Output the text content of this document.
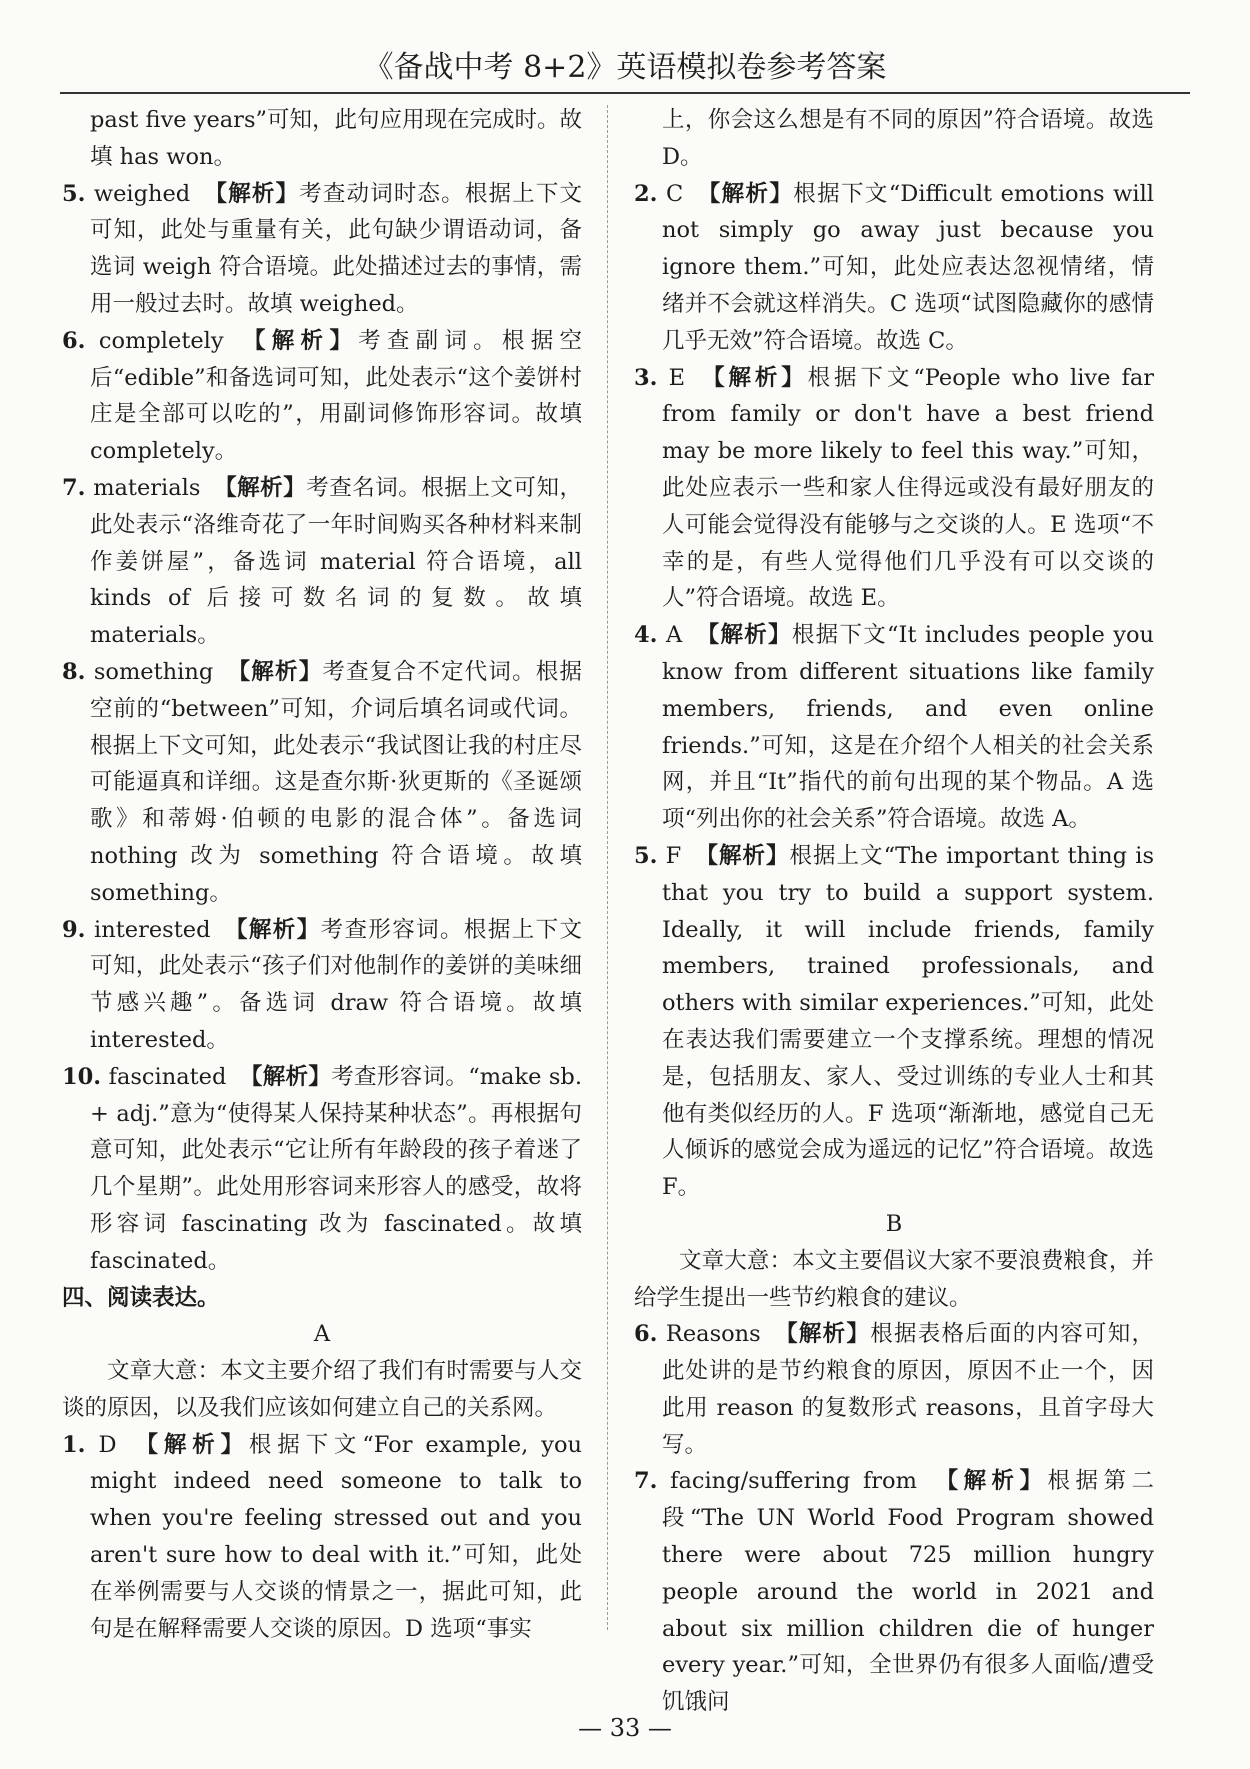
《备战中考 8+2》英语模拟卷参考答案

past five years”可知，此句应用现在完成时。故填 has won。

5. weighed 【解析】考查动词时态。根据上下文可知，此处与重量有关，此句缺少谓语动词，备选词 weigh 符合语境。此处描述过去的事情，需用一般过去时。故填 weighed。

6. completely 【解析】考查副词。根据空后“edible”和备选词可知，此处表示“这个姜饼村庄是全部可以吃的”，用副词修饰形容词。故填 completely。

7. materials 【解析】考查名词。根据上文可知，此处表示“洛维奇花了一年时间购买各种材料来制作姜饼屋”，备选词 material 符合语境，all kinds of 后接可数名词的复数。故填 materials。

8. something 【解析】考查复合不定代词。根据空前的“between”可知，介词后填名词或代词。根据上下文可知，此处表示“我试图让我的村庄尽可能逼真和详细。这是查尔斯·狄更斯的《圣诞颂歌》和蒂姆·伯顿的电影的混合体”。备选词 nothing 改为 something 符合语境。故填 something。

9. interested 【解析】考查形容词。根据上下文可知，此处表示“孩子们对他制作的姜饼的美味细节感兴趣”。备选词 draw 符合语境。故填 interested。

10. fascinated 【解析】考查形容词。“make sb. + adj.”意为“使得某人保持某种状态”。再根据句意可知，此处表示“它让所有年龄段的孩子着迷了几个星期”。此处用形容词来形容人的感受，故将形容词 fascinating 改为 fascinated。故填 fascinated。

四、阅读表达。

A

文章大意：本文主要介绍了我们有时需要与人交谈的原因，以及我们应该如何建立自己的关系网。

1. D 【解析】根据下文“For example, you might indeed need someone to talk to when you're feeling stressed out and you aren't sure how to deal with it.”可知，此处在举例需要与人交谈的情景之一，据此可知，此句是在解释需要人交谈的原因。D 选项“事实

上，你会这么想是有不同的原因”符合语境。故选 D。

2. C 【解析】根据下文“Difficult emotions will not simply go away just because you ignore them.”可知，此处应表达忽视情绪，情绪并不会就这样消失。C 选项“试图隐藏你的感情几乎无效”符合语境。故选 C。

3. E 【解析】根据下文“People who live far from family or don't have a best friend may be more likely to feel this way.”可知，此处应表示一些和家人住得远或没有最好朋友的人可能会觉得没有能够与之交谈的人。E 选项“不幸的是，有些人觉得他们几乎没有可以交谈的人”符合语境。故选 E。

4. A 【解析】根据下文“It includes people you know from different situations like family members, friends, and even online friends.”可知，这是在介绍个人相关的社会关系网，并且“It”指代的前句出现的某个物品。A 选项“列出你的社会关系”符合语境。故选 A。

5. F 【解析】根据上文“The important thing is that you try to build a support system. Ideally, it will include friends, family members, trained professionals, and others with similar experiences.”可知，此处在表达我们需要建立一个支撑系统。理想的情况是，包括朋友、家人、受过训练的专业人士和其他有类似经历的人。F 选项“渐渐地，感觉自己无人倾诉的感觉会成为遥远的记忆”符合语境。故选 F。

B

文章大意：本文主要倡议大家不要浪费粮食，并给学生提出一些节约粮食的建议。

6. Reasons 【解析】根据表格后面的内容可知，此处讲的是节约粮食的原因，原因不止一个，因此用 reason 的复数形式 reasons，且首字母大写。

7. facing/suffering from 【解析】根据第二段“The UN World Food Program showed there were about 725 million hungry people around the world in 2021 and about six million children die of hunger every year.”可知，全世界仍有很多人面临/遭受饥饿问

— 33 —
